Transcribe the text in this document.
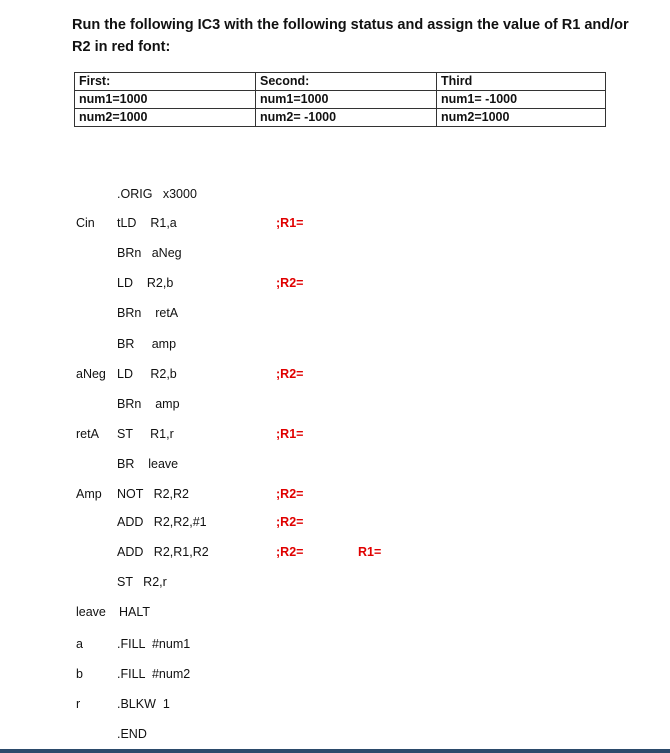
Run the following IC3 with the following status and assign the value of R1 and/or R2 in red font:
First:	Second:	Third
num1=1000	num1=1000	num1= -1000
num2=1000	num2= -1000	num2=1000
.ORIG   x3000
Cin tLD    R1,a	;R1=
BRn   aNeg
LD    R2,b	;R2=
BRn    retA
BR     amp
aNeg LD     R2,b	;R2=
BRn    amp
retA ST     R1,r	;R1=
BR    leave
Amp NOT   R2,R2	;R2=
ADD   R2,R2,#1	;R2=
ADD   R2,R1,R2	;R2=	R1=
ST   R2,r
leave HALT
a	.FILL  #num1
b	.FILL  #num2
r	.BLKW  1
.END
